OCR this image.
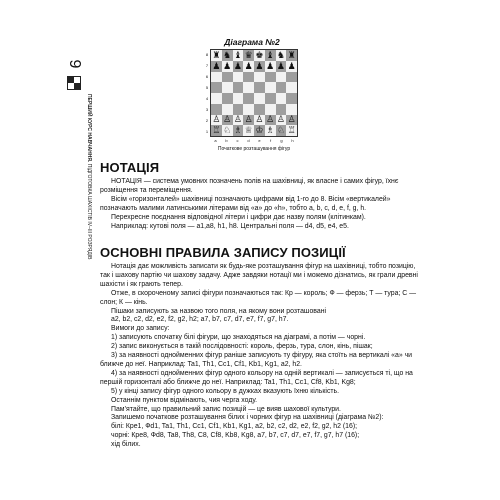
9
ПЕРШИЙ КУРС НАВЧАННЯ. ПІДГОТОВКА ШАХІСТІВ IV–III РОЗРЯДІВ
Діаграма №2
8
7
6
5
4
3
2
1
♜ ♞ ♝ ♛ ♚ ♝ ♞ ♜
♟ ♟ ♟ ♟ ♟ ♟ ♟ ♟
♙ ♙ ♙ ♙ ♙ ♙ ♙ ♙
♖ ♘ ♗ ♕ ♔ ♗ ♘ ♖
a	b	c	d	e	f	g	h
Початкове розташування фігур
НОТАЦІЯ

НОТАЦІЯ — система умовних позначень полів на шахівниці, як власне і самих фігур, їхнє розміщення та переміщення.

Вісім «горизонталей» шахівниці позначають цифрами від 1-го до 8. Вісім «вертикалей» позначають малими латинськими літерами від «а» до «h», тобто a, b, c, d, e, f, g, h.

Перехресне поєднання відповідної літери і цифри дає назву полям (клітинкам).

Наприклад: кутові поля — a1,a8, h1, h8. Центральні поля — d4, d5, e4, e5.

ОСНОВНІ ПРАВИЛА ЗАПИСУ ПОЗИЦІЇ

Нотація дає можливість записати як будь-яке розташування фігур на шахівниці, тобто позицію, так і шахову партію чи шахову задачу. Адже завдяки нотації ми і можемо дізнатись, як грали древні шахісти і як грають тепер.

Отже, в скороченому записі фігури позначаються так: Кр — король; Ф — ферзь; Т — тура; С — слон; К — кінь.

Пішаки записують за назвою того поля, на якому вони розташовані

a2, b2, c2, d2, e2, f2, g2, h2; a7, b7, c7, d7, e7, f7, g7, h7.

Вимоги до запису:

1) записують спочатку білі фігури, що знаходяться на діаграмі, а потім — чорні.

2) запис виконується в такій послідовності: король, ферзь, тура, слон, кінь, пішак;

3) за наявності однойменних фігур раніше записують ту фігуру, яка стоїть на вертикалі «a» чи ближче до неї. Наприклад: Ta1, Th1, Cc1, Cf1, Kb1, Kg1, a2, h2.

4) за наявності однойменних фігур одного кольору на одній вертикалі — записується ті, що на першій горизонталі або ближче до неї. Наприклад: Ta1, Th1, Cc1, Cf8, Kb1, Kg8;

5) у кінці запису фігур одного кольору в дужках вказують їхню кількість.

Останнім пунктом відмінають, чия черга ходу.

Пам’ятайте, що правильний запис позицій — це вияв шахової культури.

Запишемо початкове розташування білих і чорних фігур на шахівниці (діаграма №2):

білі: Кре1, Фd1, Ta1, Th1, Cc1, Cf1, Kb1, Kg1, a2, b2, c2, d2, e2, f2, g2, h2 (16);

чорні: Кре8, Фd8, Ta8, Th8, C8, Cf8, Kb8, Kg8, a7, b7, c7, d7, e7, f7, g7, h7 (16);

хід білих.
